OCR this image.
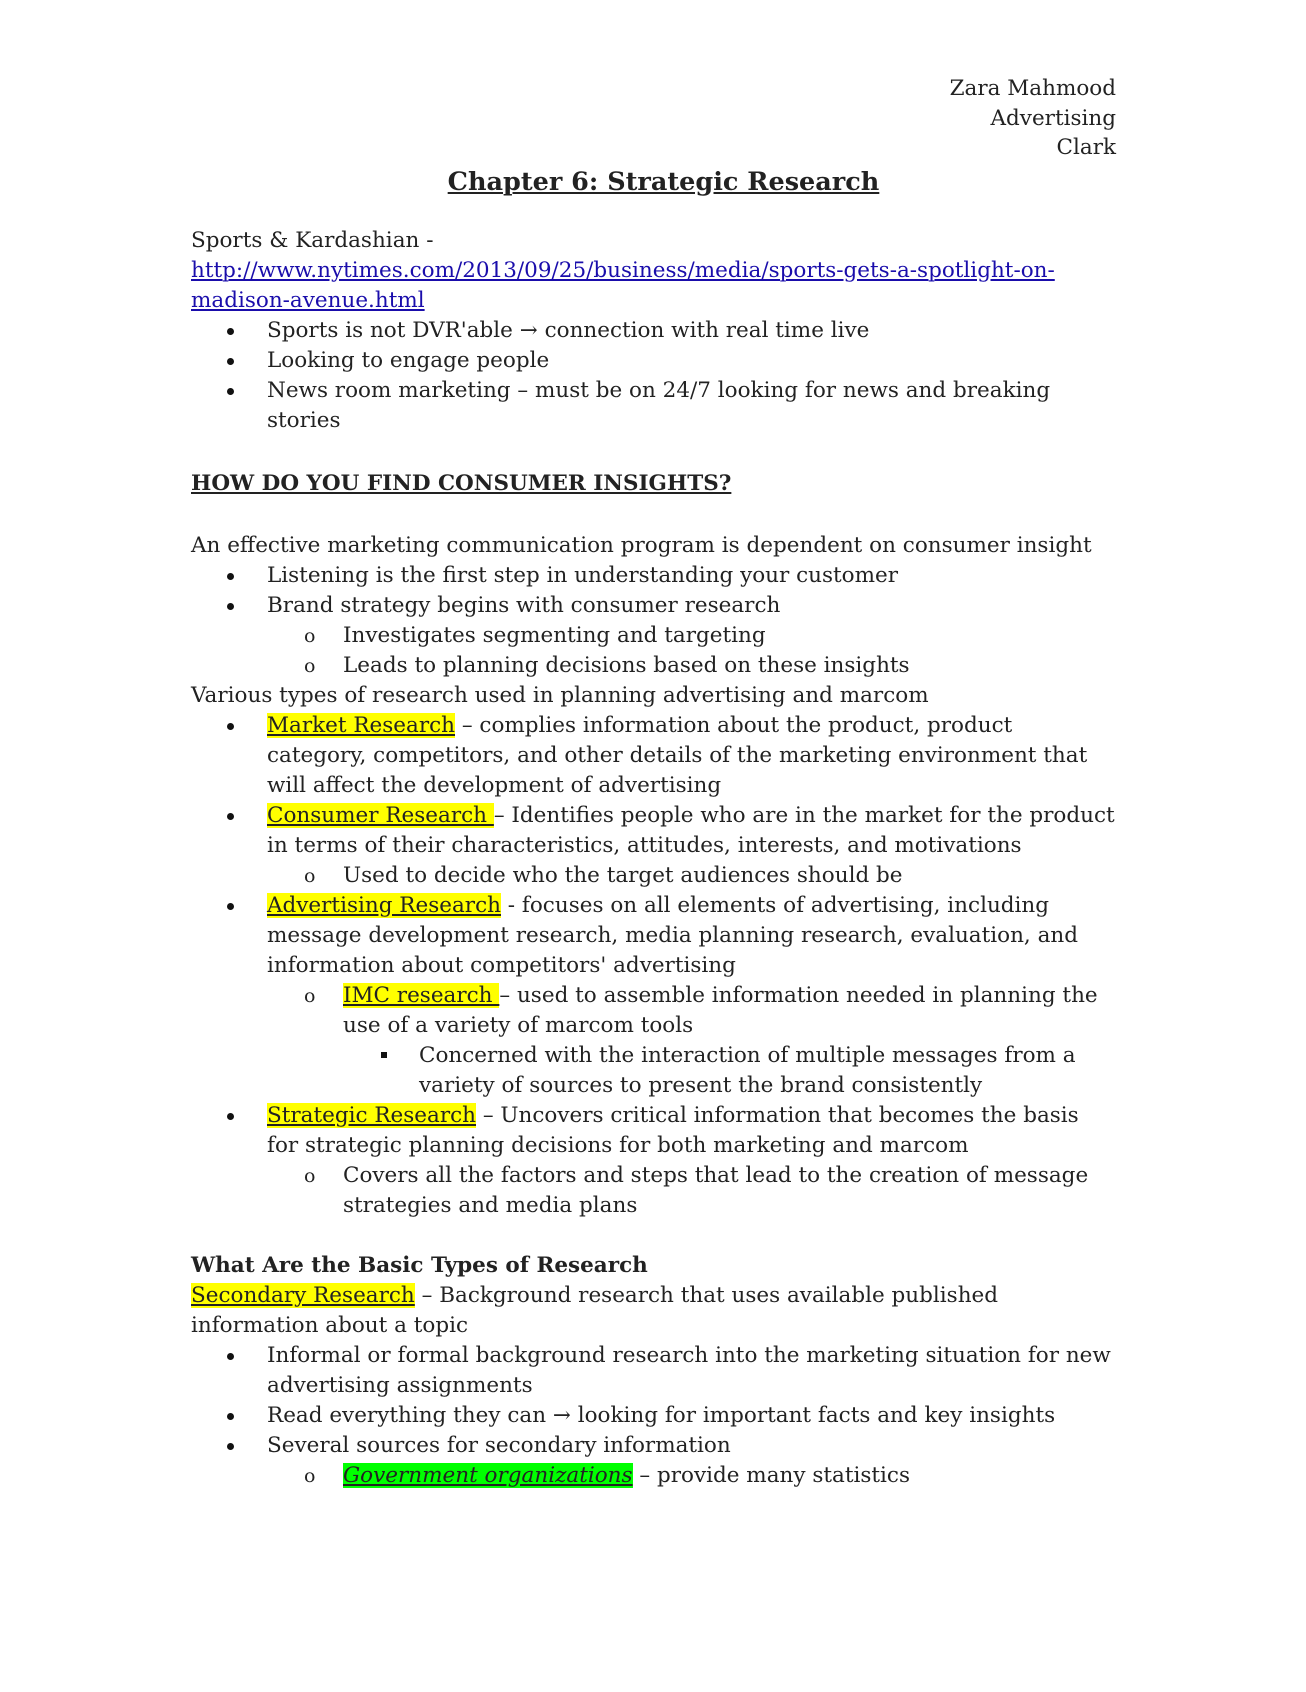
Zara Mahmood
Advertising
Clark
Chapter 6: Strategic Research
Sports & Kardashian -
http://www.nytimes.com/2013/09/25/business/media/sports-gets-a-spotlight-on-madison-avenue.html
Sports is not DVR'able → connection with real time live
Looking to engage people
News room marketing – must be on 24/7 looking for news and breaking stories
HOW DO YOU FIND CONSUMER INSIGHTS?
An effective marketing communication program is dependent on consumer insight
Listening is the first step in understanding your customer
Brand strategy begins with consumer research
o Investigates segmenting and targeting
o Leads to planning decisions based on these insights
Various types of research used in planning advertising and marcom
Market Research – complies information about the product, product category, competitors, and other details of the marketing environment that will affect the development of advertising
Consumer Research – Identifies people who are in the market for the product in terms of their characteristics, attitudes, interests, and motivations
o Used to decide who the target audiences should be
Advertising Research - focuses on all elements of advertising, including message development research, media planning research, evaluation, and information about competitors' advertising
o IMC research – used to assemble information needed in planning the use of a variety of marcom tools
Concerned with the interaction of multiple messages from a variety of sources to present the brand consistently
Strategic Research – Uncovers critical information that becomes the basis for strategic planning decisions for both marketing and marcom
o Covers all the factors and steps that lead to the creation of message strategies and media plans
What Are the Basic Types of Research
Secondary Research – Background research that uses available published information about a topic
Informal or formal background research into the marketing situation for new advertising assignments
Read everything they can → looking for important facts and key insights
Several sources for secondary information
o Government organizations – provide many statistics
